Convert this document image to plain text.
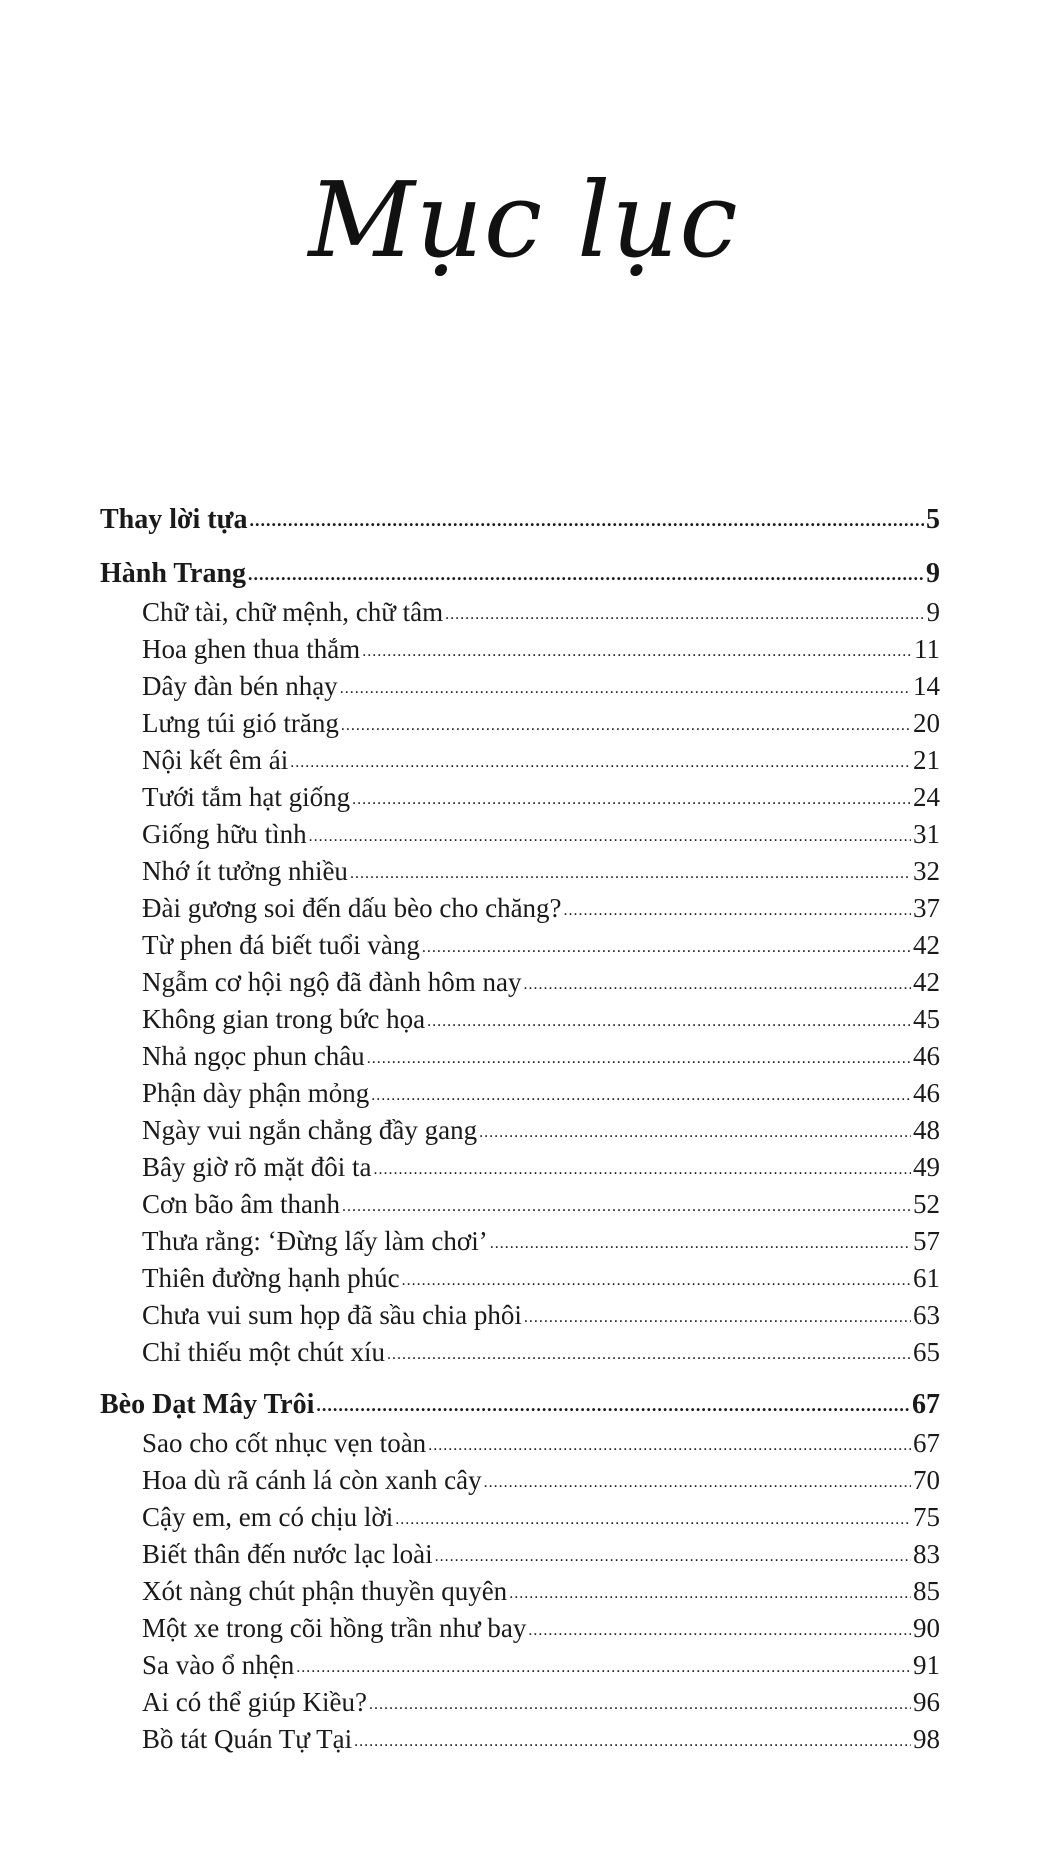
Mục lục
Thay lời tựa .....	5
Hành Trang .....	9
Chữ tài, chữ mệnh, chữ tâm .....	9
Hoa ghen thua thắm .....	11
Dây đàn bén nhạy .....	14
Lưng túi gió trăng .....	20
Nội kết êm ái .....	21
Tưới tắm hạt giống .....	24
Giống hữu tình .....	31
Nhớ ít tưởng nhiều .....	32
Đài gương soi đến dấu bèo cho chăng? .....	37
Từ phen đá biết tuổi vàng .....	42
Ngẫm cơ hội ngộ đã đành hôm nay .....	42
Không gian trong bức họa .....	45
Nhả ngọc phun châu .....	46
Phận dày phận mỏng .....	46
Ngày vui ngắn chẳng đầy gang .....	48
Bây giờ rõ mặt đôi ta .....	49
Cơn bão âm thanh .....	52
Thưa rằng: ‘Đừng lấy làm chơi’ .....	57
Thiên đường hạnh phúc .....	61
Chưa vui sum họp đã sầu chia phôi .....	63
Chỉ thiếu một chút xíu .....	65
Bèo Dạt Mây Trôi .....	67
Sao cho cốt nhục vẹn toàn .....	67
Hoa dù rã cánh lá còn xanh cây .....	70
Cậy em, em có chịu lời .....	75
Biết thân đến nước lạc loài .....	83
Xót nàng chút phận thuyền quyên .....	85
Một xe trong cõi hồng trần như bay .....	90
Sa vào ổ nhện .....	91
Ai có thể giúp Kiều? .....	96
Bồ tát Quán Tự Tại .....	98
